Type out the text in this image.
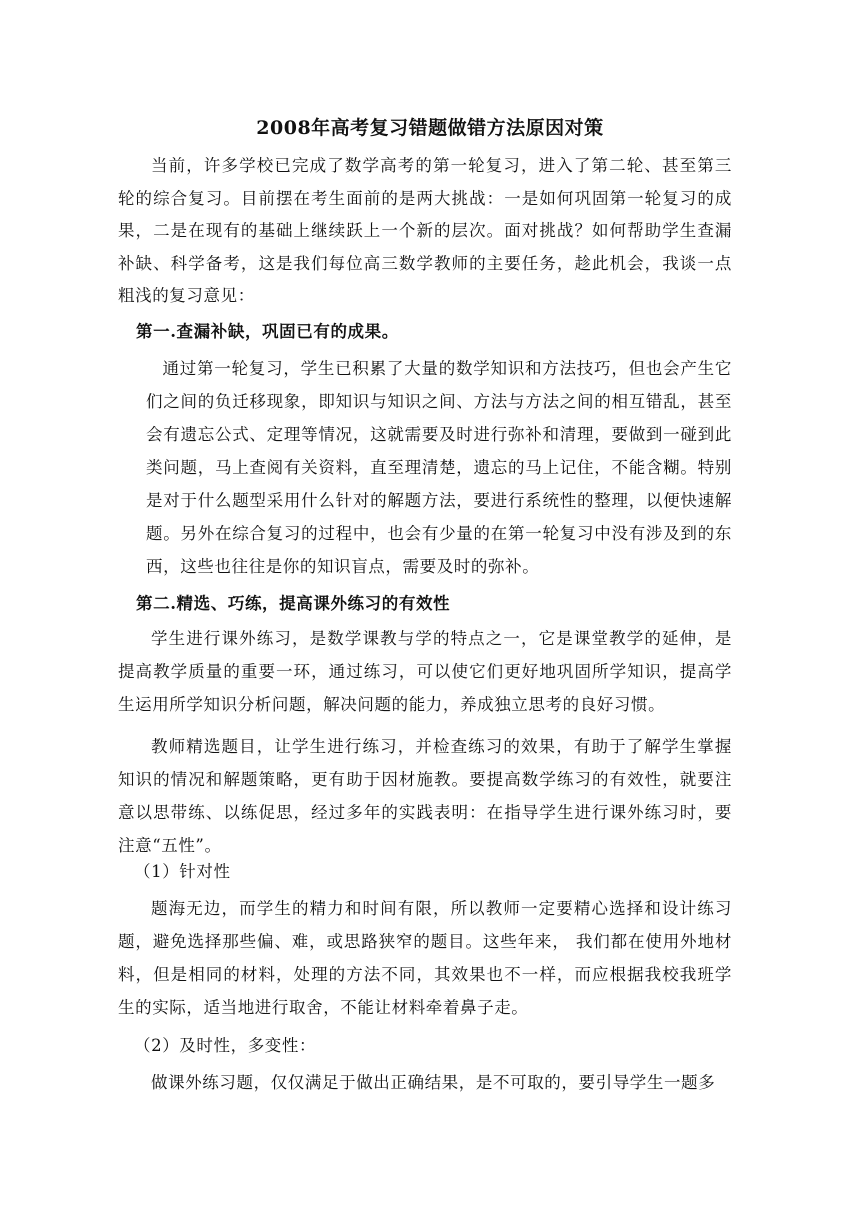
2008年高考复习错题做错方法原因对策
当前，许多学校已完成了数学高考的第一轮复习，进入了第二轮、甚至第三轮的综合复习。目前摆在考生面前的是两大挑战：一是如何巩固第一轮复习的成果，二是在现有的基础上继续跃上一个新的层次。面对挑战？如何帮助学生查漏补缺、科学备考，这是我们每位高三数学教师的主要任务，趁此机会，我谈一点粗浅的复习意见：
第一.查漏补缺，巩固已有的成果。
通过第一轮复习，学生已积累了大量的数学知识和方法技巧，但也会产生它们之间的负迁移现象，即知识与知识之间、方法与方法之间的相互错乱，甚至会有遗忘公式、定理等情况，这就需要及时进行弥补和清理，要做到一碰到此类问题，马上查阅有关资料，直至理清楚，遗忘的马上记住，不能含糊。特别是对于什么题型采用什么针对的解题方法，要进行系统性的整理，以便快速解题。另外在综合复习的过程中，也会有少量的在第一轮复习中没有涉及到的东西，这些也往往是你的知识盲点，需要及时的弥补。
第二.精选、巧练，提高课外练习的有效性
学生进行课外练习，是数学课教与学的特点之一，它是课堂教学的延伸，是提高教学质量的重要一环，通过练习，可以使它们更好地巩固所学知识，提高学生运用所学知识分析问题，解决问题的能力，养成独立思考的良好习惯。
教师精选题目，让学生进行练习，并检查练习的效果，有助于了解学生掌握知识的情况和解题策略，更有助于因材施教。要提高数学练习的有效性，就要注意以思带练、以练促思，经过多年的实践表明：在指导学生进行课外练习时，要注意“五性”。
（1）针对性
题海无边，而学生的精力和时间有限，所以教师一定要精心选择和设计练习题，避免选择那些偏、难，或思路狭窄的题目。这些年来， 我们都在使用外地材料，但是相同的材料，处理的方法不同，其效果也不一样，而应根据我校我班学生的实际，适当地进行取舍，不能让材料牵着鼻子走。
（2）及时性，多变性：
做课外练习题，仅仅满足于做出正确结果，是不可取的，要引导学生一题多
